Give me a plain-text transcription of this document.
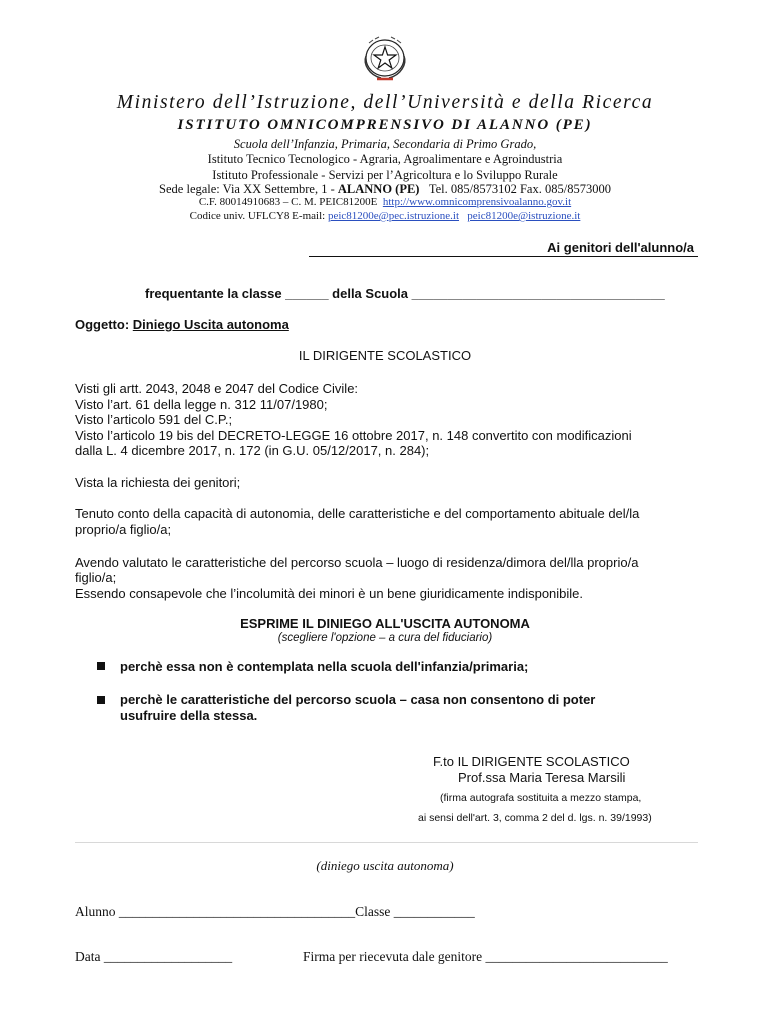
Ministero dell’Istruzione, dell’Università e della Ricerca
ISTITUTO OMNICOMPRENSIVO DI ALANNO (PE)
Scuola dell’Infanzia, Primaria, Secondaria di Primo Grado,
Istituto Tecnico Tecnologico - Agraria, Agroalimentare e Agroindustria
Istituto Professionale - Servizi per l’Agricoltura e lo Sviluppo Rurale
Sede legale: Via XX Settembre, 1 - ALANNO (PE) Tel. 085/8573102 Fax. 085/8573000
C.F. 80014910683 – C. M. PEIC81200E http://www.omnicomprensivoalanno.gov.it
Codice univ. UFLCY8 E-mail: peic81200e@pec.istruzione.it peic81200e@istruzione.it
Ai genitori dell'alunno/a
frequentante la classe ______ della Scuola ___________________________________
Oggetto: Diniego Uscita autonoma
IL DIRIGENTE SCOLASTICO
Visti gli artt. 2043, 2048 e 2047 del Codice Civile:
Visto l’art. 61 della legge n. 312 11/07/1980;
Visto l’articolo 591 del C.P.;
Visto l’articolo 19 bis del DECRETO-LEGGE 16 ottobre 2017, n. 148 convertito con modificazioni
dalla L. 4 dicembre 2017, n. 172 (in G.U. 05/12/2017, n. 284);
Vista la richiesta dei genitori;
Tenuto conto della capacità di autonomia, delle caratteristiche e del comportamento abituale del/la
proprio/a figlio/a;
Avendo valutato le caratteristiche del percorso scuola – luogo di residenza/dimora del/lla proprio/a
figlio/a;
Essendo consapevole che l’incolumità dei minori è un bene giuridicamente indisponibile.
ESPRIME IL DINIEGO ALL'USCITA AUTONOMA
(scegliere l'opzione – a cura del fiduciario)
perchè essa non è contemplata nella scuola dell'infanzia/primaria;
perchè le caratteristiche del percorso scuola – casa non consentono di poter
usufruire della stessa.
F.to IL DIRIGENTE SCOLASTICO
Prof.ssa Maria Teresa Marsili
(firma autografa sostituita a mezzo stampa,
ai sensi dell'art. 3, comma 2 del d. lgs. n. 39/1993)
(diniego uscita autonoma)
Alunno ___________________________________Classe ____________
Data ___________________	Firma per riecevuta dale genitore ___________________________
